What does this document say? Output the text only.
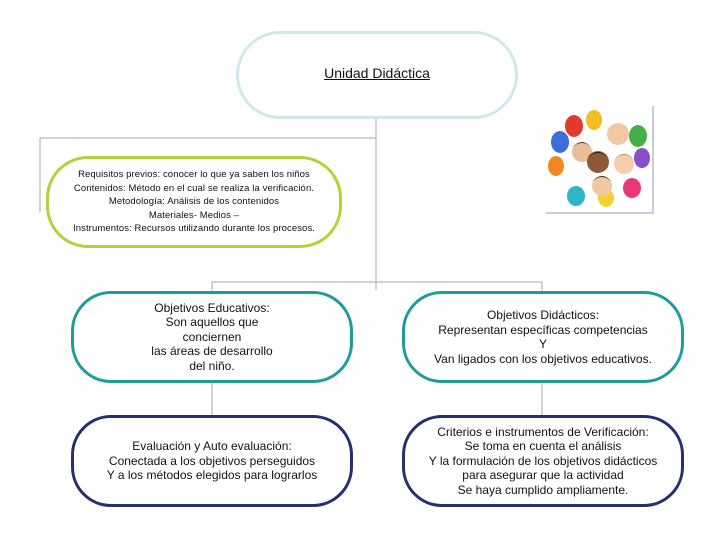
Unidad Didáctica
Requisitos previos: conocer lo que ya saben los niños
Contenidos: Método en el cual se realiza la verificación.
Metodología: Análisis de los contenidos
Materiales- Medios –
Instrumentos: Recursos utilizando durante los procesos.
Objetivos Educativos:
Son aquellos que
conciernen
las áreas de desarrollo
del niño.
Objetivos Didácticos:
Representan específicas competencias
Y
Van ligados con los objetivos educativos.
Evaluación y Auto evaluación:
Conectada a los objetivos perseguidos
Y a los métodos elegidos para lograrlos
Criterios e instrumentos de Verificación:
Se toma en cuenta el análisis
Y la formulación de los objetivos didácticos
para asegurar que la actividad
Se haya cumplido ampliamente.
